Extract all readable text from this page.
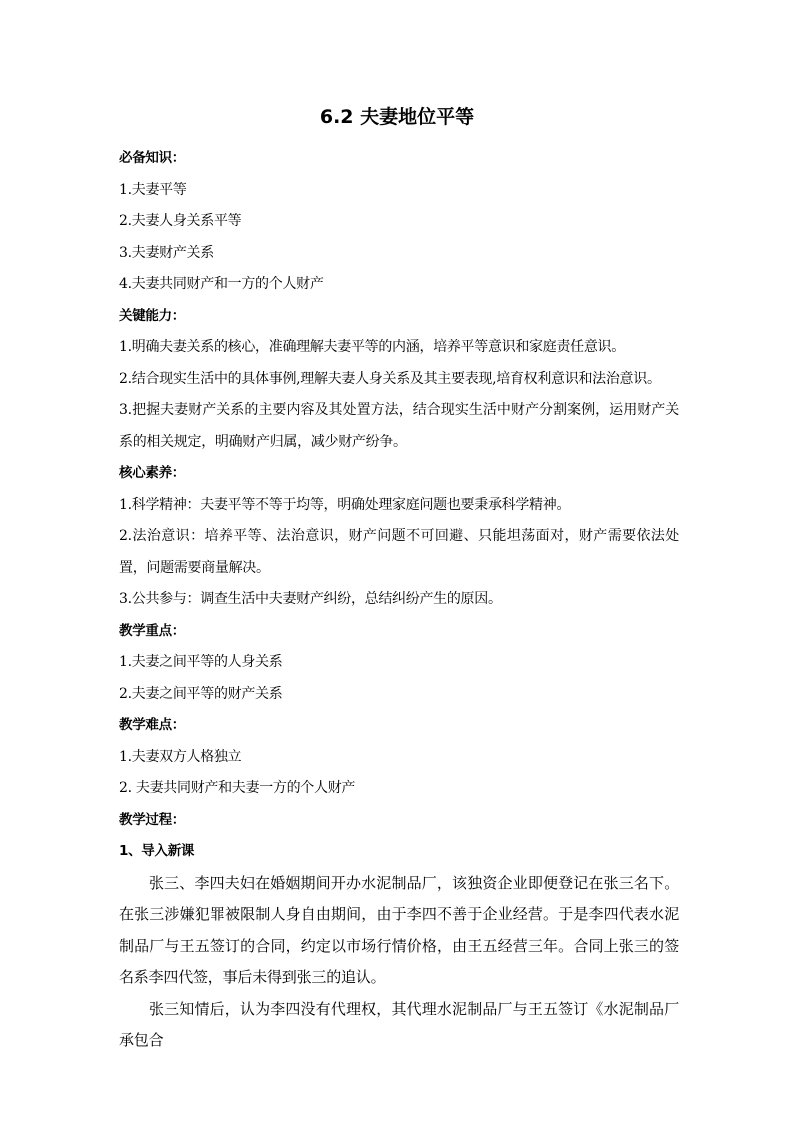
6.2 夫妻地位平等
必备知识：
1.夫妻平等
2.夫妻人身关系平等
3.夫妻财产关系
4.夫妻共同财产和一方的个人财产
关键能力：
1.明确夫妻关系的核心，准确理解夫妻平等的内涵，培养平等意识和家庭责任意识。
2.结合现实生活中的具体事例,理解夫妻人身关系及其主要表现,培育权利意识和法治意识。

3.把握夫妻财产关系的主要内容及其处置方法，结合现实生活中财产分割案例，运用财产关系的相关规定，明确财产归属，减少财产纷争。

核心素养：
1.科学精神：夫妻平等不等于均等，明确处理家庭问题也要秉承科学精神。

2.法治意识：培养平等、法治意识，财产问题不可回避、只能坦荡面对，财产需要依法处置，问题需要商量解决。

3.公共参与：调查生活中夫妻财产纠纷，总结纠纷产生的原因。
教学重点：
1.夫妻之间平等的人身关系
2.夫妻之间平等的财产关系
教学难点：
1.夫妻双方人格独立
2. 夫妻共同财产和夫妻一方的个人财产
教学过程：
1、导入新课

张三、李四夫妇在婚姻期间开办水泥制品厂，该独资企业即便登记在张三名下。在张三涉嫌犯罪被限制人身自由期间，由于李四不善于企业经营。于是李四代表水泥制品厂与王五签订的合同，约定以市场行情价格，由王五经营三年。合同上张三的签名系李四代签，事后未得到张三的追认。

张三知情后，认为李四没有代理权，其代理水泥制品厂与王五签订《水泥制品厂承包合
